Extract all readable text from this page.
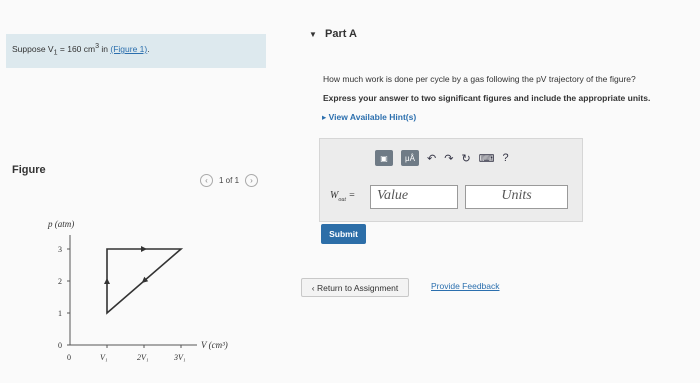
Suppose $V_1 = 160$ $cm^3$ in (Figure 1).
Figure
‹	1 of 1	›
p (atm)
V (cm³)
0
1
2
3
0	V₁	2V₁	3V₁
▼ Part A
How much work is done per cycle by a gas following the pV trajectory of the figure?
Express your answer to two significant figures and include the appropriate units.
▸ View Available Hint(s)
▣	μÅ ↶ ↷ ↻ ⌨ ?
$W_{out}$ =	Value	Units
Submit
‹ Return to Assignment	Provide Feedback
